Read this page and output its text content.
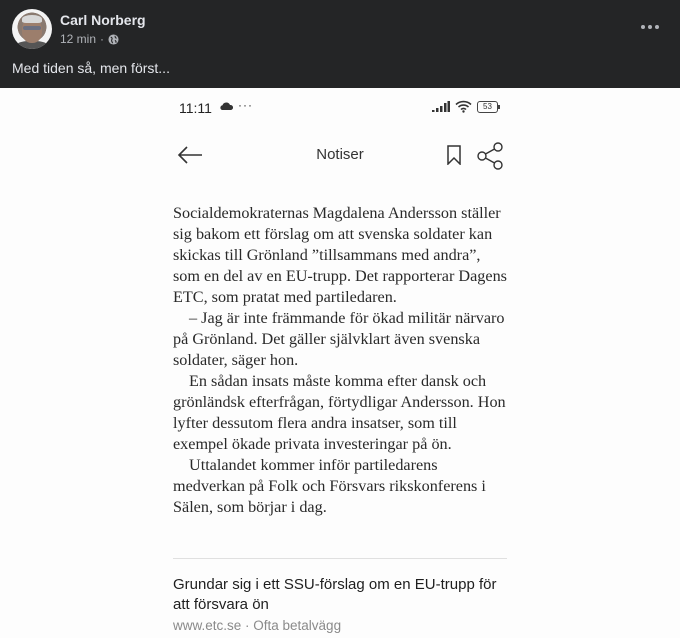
Carl Norberg
12 min ·
Med tiden så, men först...
11:11 ···	53
Notiser

Socialdemokraternas Magdalena Andersson ställer sig bakom ett förslag om att svenska soldater kan skickas till Grönland ”tillsammans med andra”, som en del av en EU-trupp. Det rapporterar Dagens ETC, som pratat med partiledaren.

– Jag är inte främmande för ökad militär närvaro på Grönland. Det gäller självklart även svenska soldater, säger hon.

En sådan insats måste komma efter dansk och grönländsk efterfrågan, förtydligar Andersson. Hon lyfter dessutom flera andra insatser, som till exempel ökade privata investeringar på ön.

Uttalandet kommer inför partiledarens medverkan på Folk och Försvars rikskonferens i Sälen, som börjar i dag.

Grundar sig i ett SSU-förslag om en EU-trupp för att försvara ön
www.etc.se · Ofta betalvägg
